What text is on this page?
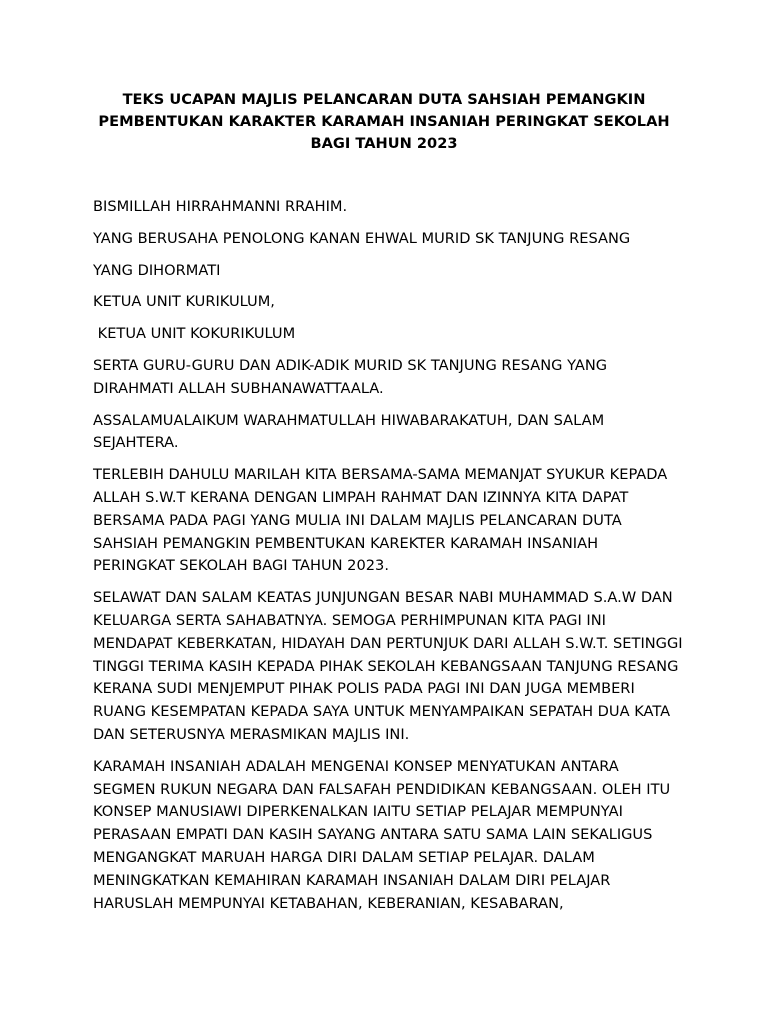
TEKS UCAPAN MAJLIS PELANCARAN DUTA SAHSIAH PEMANGKIN PEMBENTUKAN KARAKTER KARAMAH INSANIAH PERINGKAT SEKOLAH BAGI TAHUN 2023

BISMILLAH HIRRAHMANNI RRAHIM.

YANG BERUSAHA PENOLONG KANAN EHWAL MURID SK TANJUNG RESANG

YANG DIHORMATI

KETUA UNIT KURIKULUM,

KETUA UNIT KOKURIKULUM

SERTA GURU-GURU DAN ADIK-ADIK MURID SK TANJUNG RESANG YANG DIRAHMATI ALLAH SUBHANAWATTAALA.

ASSALAMUALAIKUM WARAHMATULLAH HIWABARAKATUH, DAN SALAM SEJAHTERA.

TERLEBIH DAHULU MARILAH KITA BERSAMA-SAMA MEMANJAT SYUKUR KEPADA ALLAH S.W.T KERANA DENGAN LIMPAH RAHMAT DAN IZINNYA KITA DAPAT BERSAMA PADA PAGI YANG MULIA INI DALAM MAJLIS PELANCARAN DUTA SAHSIAH PEMANGKIN PEMBENTUKAN KAREKTER KARAMAH INSANIAH PERINGKAT SEKOLAH BAGI TAHUN 2023.

SELAWAT DAN SALAM KEATAS JUNJUNGAN BESAR NABI MUHAMMAD S.A.W DAN KELUARGA SERTA SAHABATNYA. SEMOGA PERHIMPUNAN KITA PAGI INI MENDAPAT KEBERKATAN, HIDAYAH DAN PERTUNJUK DARI ALLAH S.W.T. SETINGGI TINGGI TERIMA KASIH KEPADA PIHAK SEKOLAH KEBANGSAAN TANJUNG RESANG KERANA SUDI MENJEMPUT PIHAK POLIS PADA PAGI INI DAN JUGA MEMBERI RUANG KESEMPATAN KEPADA SAYA UNTUK MENYAMPAIKAN SEPATAH DUA KATA DAN SETERUSNYA MERASMIKAN MAJLIS INI.

KARAMAH INSANIAH ADALAH MENGENAI KONSEP MENYATUKAN ANTARA SEGMEN RUKUN NEGARA DAN FALSAFAH PENDIDIKAN KEBANGSAAN. OLEH ITU KONSEP MANUSIAWI DIPERKENALKAN IAITU SETIAP PELAJAR MEMPUNYAI PERASAAN EMPATI DAN KASIH SAYANG ANTARA SATU SAMA LAIN SEKALIGUS MENGANGKAT MARUAH HARGA DIRI DALAM SETIAP PELAJAR. DALAM MENINGKATKAN KEMAHIRAN KARAMAH INSANIAH DALAM DIRI PELAJAR HARUSLAH MEMPUNYAI KETABAHAN, KEBERANIAN, KESABARAN,
